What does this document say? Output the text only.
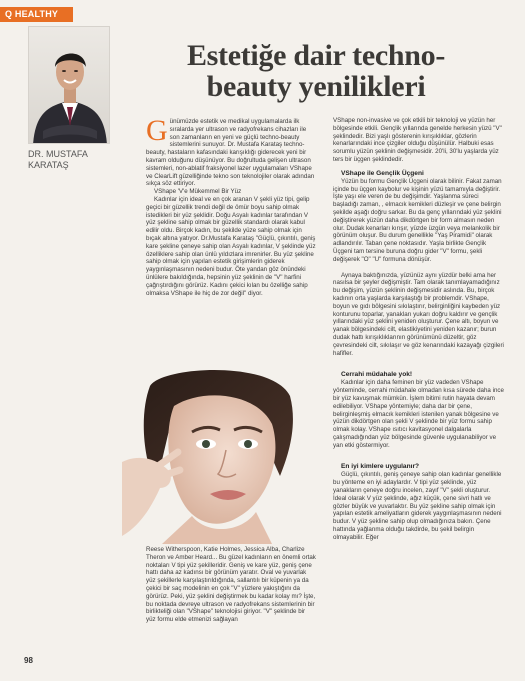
Q HEALTHY
DR. MUSTAFA
KARATAŞ
Estetiğe dair techno-
beauty yenilikleri

Günümüzde estetik ve medikal uygulamalarda ilk sıralarda yer ultrason ve radyofrekans cihazları ile son zamanların en yeni ve güçlü techno-beauty sistemlerini sunuyor. Dr. Mustafa Karataş techno-beauty, hastaların kafasındaki karışıklığı giderecek yeni bir kavram olduğunu düşünüyor. Bu doğrultuda gelişen ultrason sistemleri, non-ablatif fraksiyonel lazer uygulamaları VShape ve ClearLift güzelliğinde tekno son teknolojiler olarak adından sıkça söz ettiriyor.

VShape 'V'e Mükemmel Bir Yüz

Kadınlar için ideal ve en çok aranan V şekli yüz tipi, gelip geçici bir güzellik trendi değil de ömür boyu sahip olmak istedikleri bir yüz şeklidir. Doğu Asyalı kadınlar tarafından V yüz şekline sahip olmak bir güzellik standardı olarak kabul edilir oldu. Birçok kadın, bu şekilde yüze sahip olmak için bıçak altına yatıyor. Dr.Mustafa Karataş "Güçlü, çıkıntılı, geniş kare şekline çeneye sahip olan Asyalı kadınlar, V şeklinde yüz özelliklere sahip olan ünlü yıldızlara imrenirler. Bu yüz şekline sahip olmak için yapılan estetik girişimlerin giderek yaygınlaşmasının nedeni budur. Öte yandan göz önündeki ünlülere bakıldığında, hepsinin yüz şeklinin de "V" harfini çağrıştırdığını görürüz. Kadını çekici kılan bu özelliğe sahip olmaksa VShape ile hiç de zor değil" diyor.

Reese Witherspoon, Katie Holmes, Jessica Alba, Charlize Theron ve Amber Heard... Bu güzel kadınların en önemli ortak noktaları V tipi yüz şekilleridir. Geniş ve kare yüz, geniş çene hattı daha az kadınsı bir görünüm yaratır. Oval ve yuvarlak yüz şekillerle karşılaştırıldığında, sallantılı bir küpenin ya da çekici bir saç modelinin en çok "V" yüzlere yakıştığını da görürüz. Peki, yüz şeklini değiştirmek bu kadar kolay mı? İşte, bu noktada devreye ultrason ve radyofrekans sistemlerinin bir birlikteliği olan "VShape" teknolojisi giriyor. "V" şeklinde bir yüz formu elde etmenizi sağlayan

VShape non-invasive ve çok etkili bir teknoloji ve yüzün her bölgesinde etkili. Gençlik yıllarında genelde herkesin yüzü "V" şeklindedir. Bizi yaşlı gösterenin kırışıklıklar, gözlerin kenarlarındaki ince çizgiler olduğu düşünülür. Halbuki esas sorumlu yüzün şeklinin değişmesidir. 20'li, 30'lu yaşlarda yüz ters bir üçgen şeklindedir.

VShape ile Gençlik Üçgeni

Yüzün bu formu Gençlik Üçgeni olarak bilinir. Fakat zaman içinde bu üçgen kaybolur ve kişinin yüzü tamamıyla değiştirir. İşte yaşı ele veren de bu değişimdir. Yaşlanma süreci başladığı zaman, , elmacık kemikleri düzleşir ve çene belirgin şekilde aşağı doğru sarkar. Bu da genç yıllarındaki yüz şeklini değiştirerek yüzün daha dikdörtgen bir form almasın neden olur. Dudak kenarları kırışır, yüzde üzgün veya melankolik bir görünüm oluşur. Bu durum genellikle "Yaş Piramidi" olarak adlandırılır. Taban çene noktasıdır. Yaşla birlikte Gençlik Üçgeni tam tersine buruna doğru gider "V" formu, şekli değişerek "O" "U" formuna dönüşür.

Aynaya baktığınızda, yüzünüz aynı yüzdür belki ama her nasılsa bir şeyler değişmiştir. Tam olarak tanımlayamadığınız bu değişim, yüzün şeklinin değişmesidir aslında. Bu, birçok kadının orta yaşlarda karşılaştığı bir problemdir. VShape, boyun ve gıdı bölgesini sıkılaştırır, belirginliğini kaybeden yüz konturunu toparlar, yanakları yukarı doğru kaldırır ve gençlik yıllarındaki yüz şeklini yeniden oluşturur. Çene altı, boyun ve yanak bölgesindeki cilt, elastikiyetini yeniden kazanır; burun dudak hattı kırışıklıklarının görünümünü düzeltir, göz çevresindeki cilt, sıkılaşır ve göz kenarındaki kazayağı çizgileri hafifler.

Cerrahi müdahale yok!

Kadınlar için daha feminen bir yüz vadeden VShape yönteminde, cerrahi müdahale olmadan kısa sürede daha ince bir yüz kavuşmak mümkün. İşlem bitimi rutin hayata devam edilebiliyor. VShape yöntemiyle; daha dar bir çene, belirginleşmiş elmacık kemikleri istenilen yanak bölgesine ve yüzün dikdörtgen olan şekli V şeklinde bir yüz formu sahip olmak kolay. VShape ısıtıcı kavitasyonel dalgalarla çalışmadığından yüz bölgesinde güvenle uygulanabiliyor ve yan etki göstermiyor.

En iyi kimlere uygulanır?

Güçlü, çıkıntılı, geniş çeneye sahip olan kadınlar genellikle bu yönteme en iyi adaylardır. V tipi yüz şeklinde, yüz yanakların çeneye doğru incelen, zayıf "V" şekli oluşturur. İdeal olarak V yüz şeklinde, ağız küçük, çene sivri hatlı ve gözler büyük ve yuvarlaktır. Bu yüz şekline sahip olmak için yapılan estetik ameliyatların giderek yaygınlaşmasının nedeni budur. V yüz şekline sahip olup olmadığınıza bakın. Çene hattında yağlanma olduğu takdirde, bu şekil belirgin olmayabilir. Eğer

98
